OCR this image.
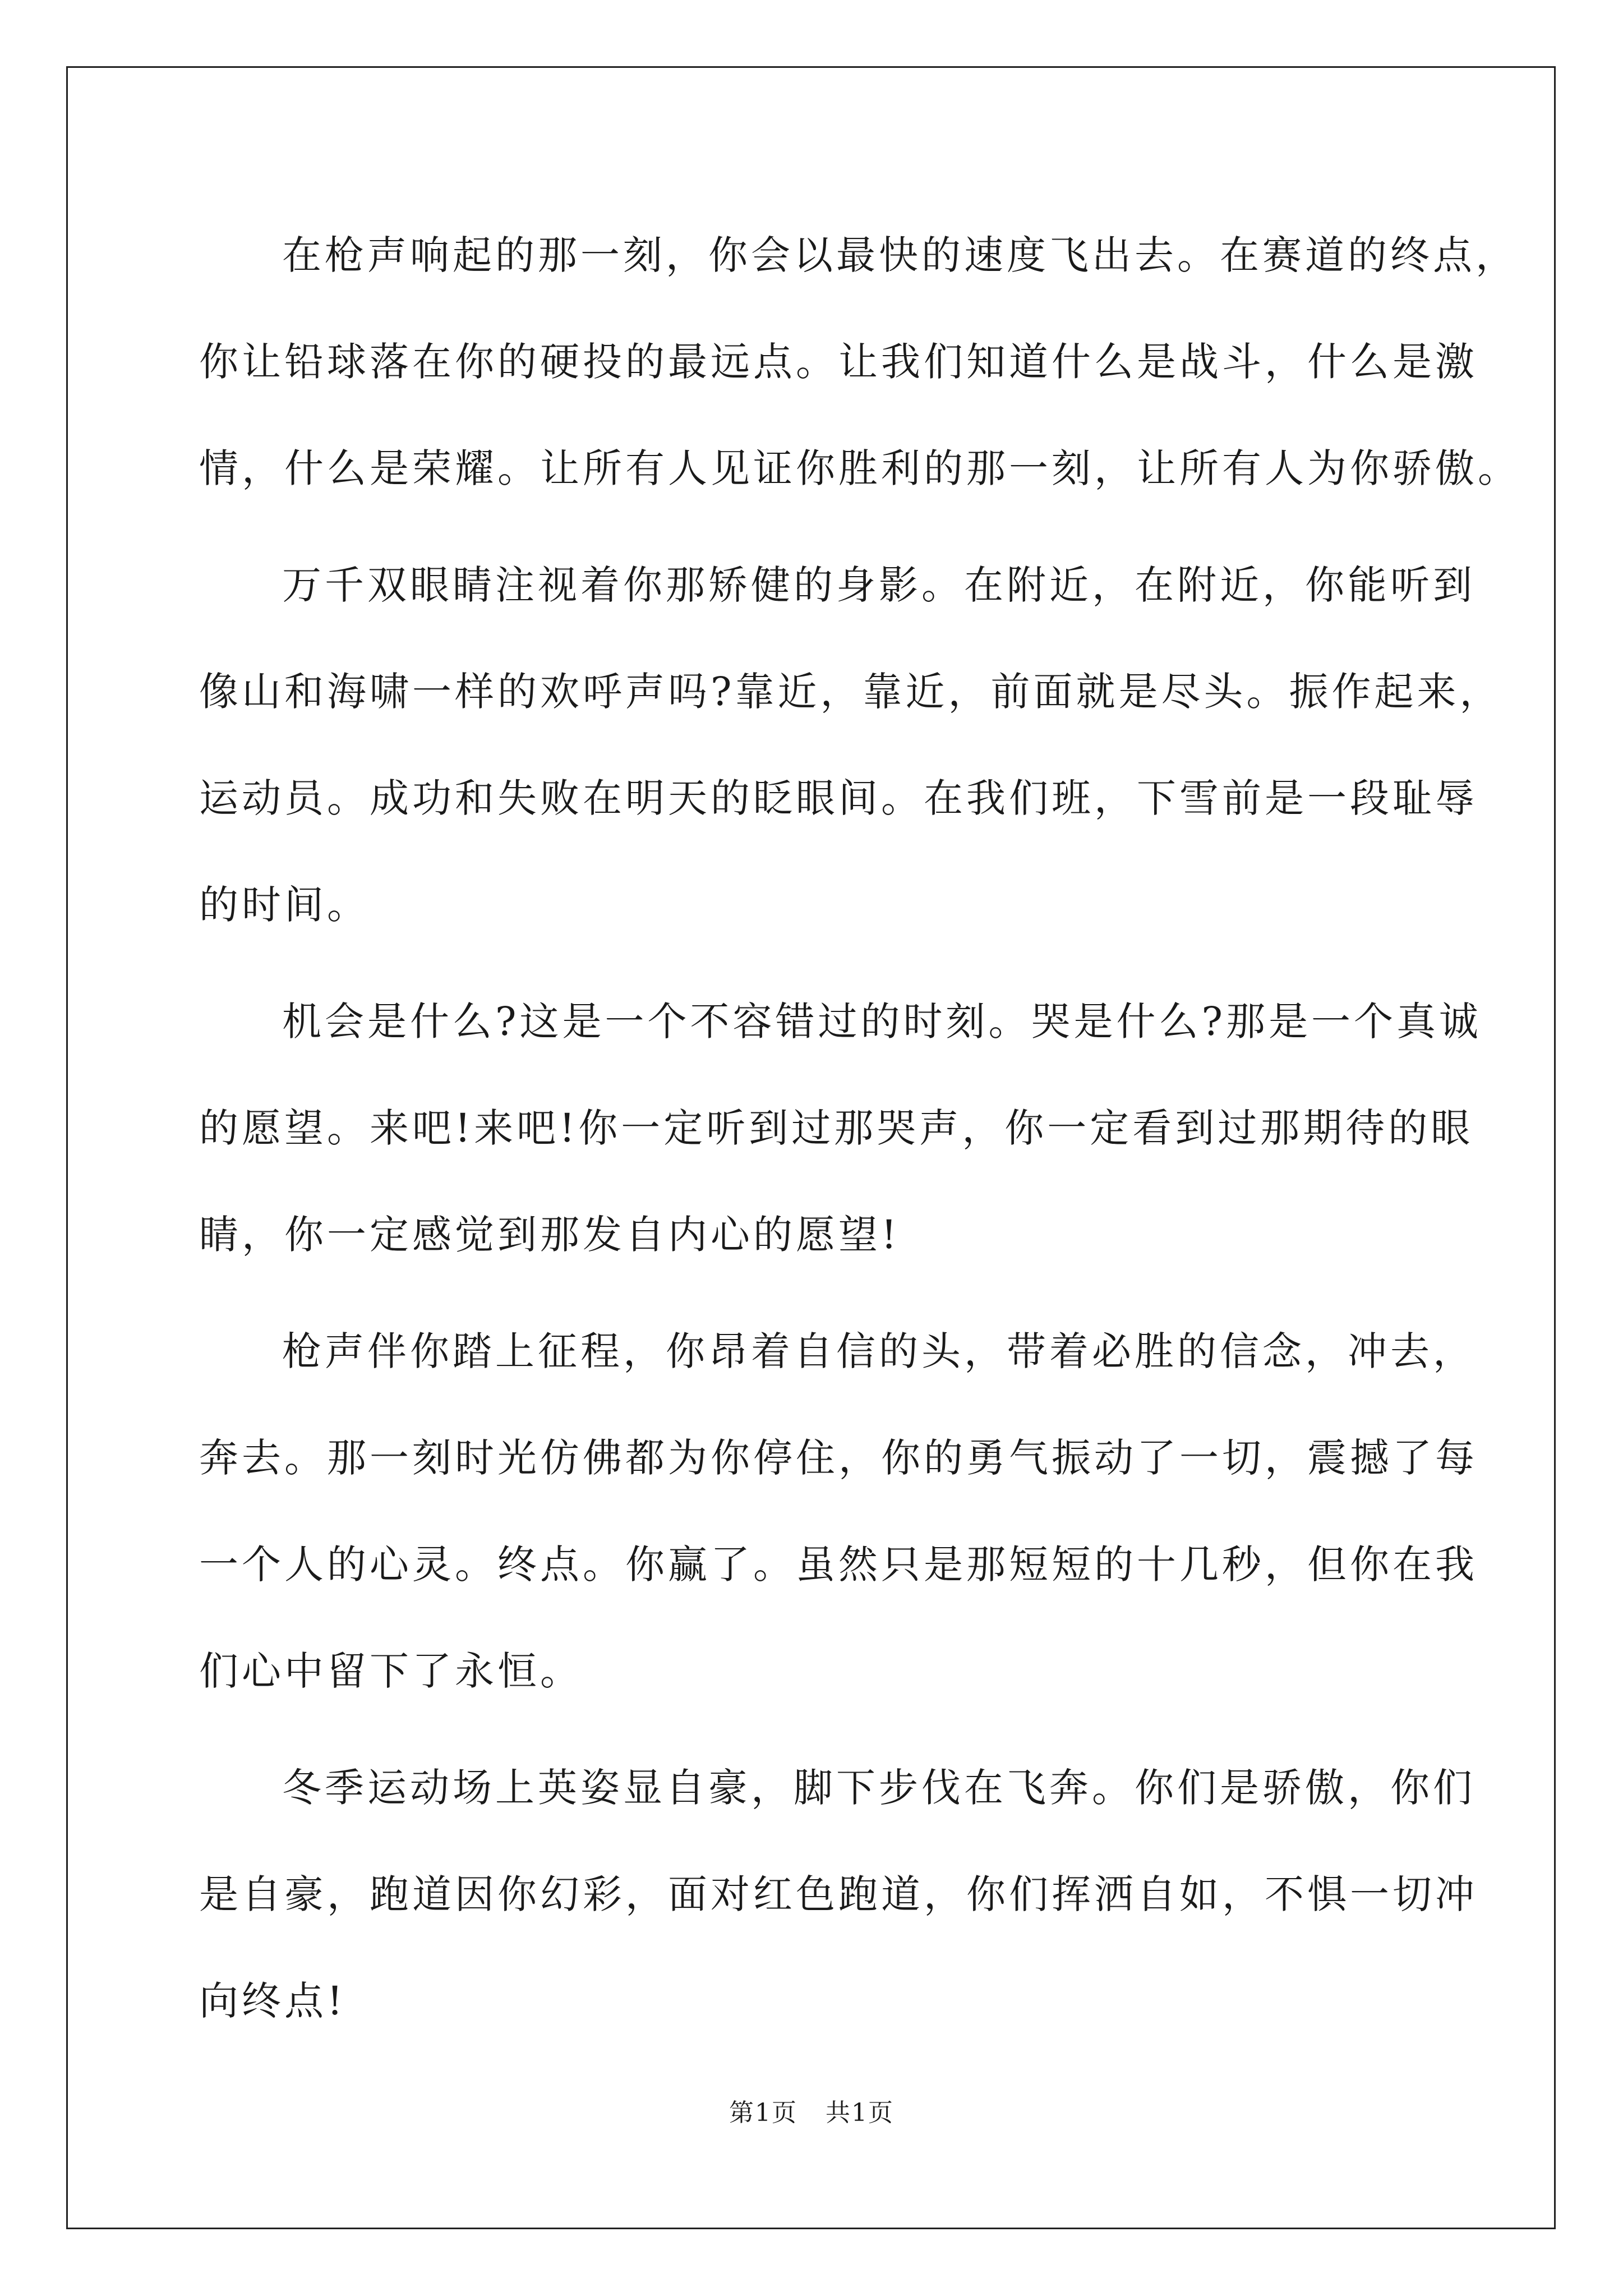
在枪声响起的那一刻，你会以最快的速度飞出去。在赛道的终点，
你让铅球落在你的硬投的最远点。让我们知道什么是战斗，什么是激
情，什么是荣耀。让所有人见证你胜利的那一刻，让所有人为你骄傲。

万千双眼睛注视着你那矫健的身影。在附近，在附近，你能听到
像山和海啸一样的欢呼声吗?靠近，靠近，前面就是尽头。振作起来，
运动员。成功和失败在明天的眨眼间。在我们班，下雪前是一段耻辱
的时间。

机会是什么?这是一个不容错过的时刻。哭是什么?那是一个真诚
的愿望。来吧!来吧!你一定听到过那哭声，你一定看到过那期待的眼
睛，你一定感觉到那发自内心的愿望!

枪声伴你踏上征程，你昂着自信的头，带着必胜的信念，冲去，
奔去。那一刻时光仿佛都为你停住，你的勇气振动了一切，震撼了每
一个人的心灵。终点。你赢了。虽然只是那短短的十几秒，但你在我
们心中留下了永恒。

冬季运动场上英姿显自豪，脚下步伐在飞奔。你们是骄傲，你们
是自豪，跑道因你幻彩，面对红色跑道，你们挥洒自如，不惧一切冲
向终点!

第1页 共1页
